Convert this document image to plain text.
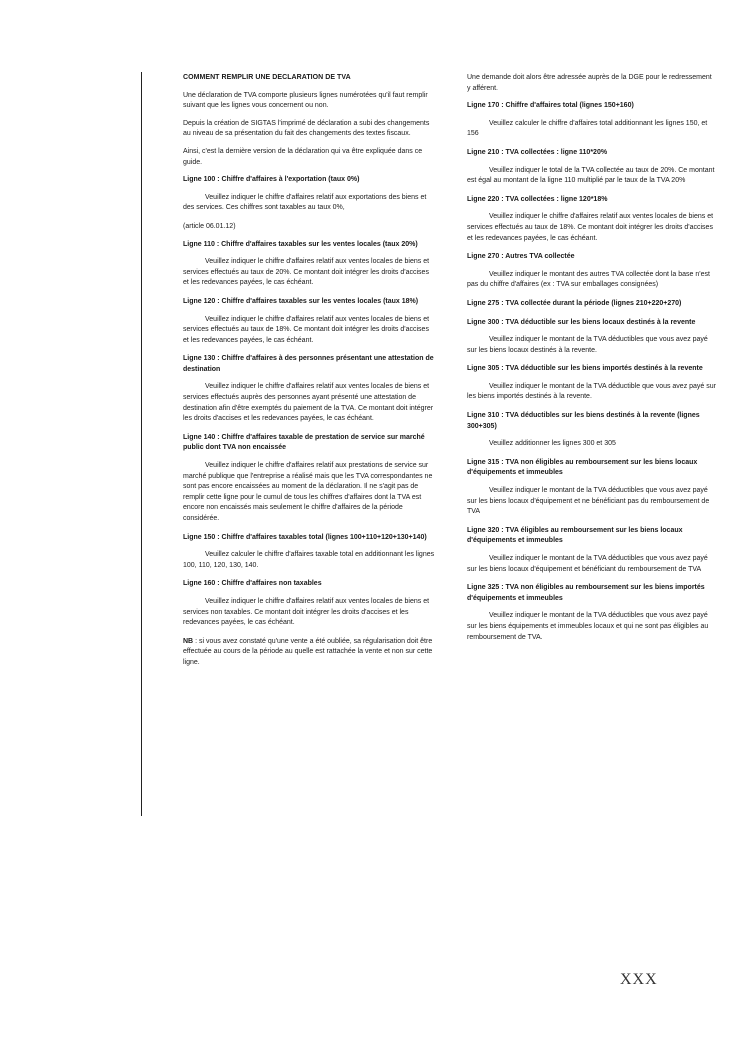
COMMENT REMPLIR UNE DECLARATION DE TVA

Une déclaration de TVA comporte plusieurs lignes numérotées qu'il faut remplir suivant que les lignes vous concernent ou non.

Depuis la création de SIGTAS l'imprimé de déclaration a subi des changements au niveau de sa présentation du fait des changements des textes fiscaux.

Ainsi, c'est la dernière version de la déclaration qui va être expliquée dans ce guide.

Ligne 100 : Chiffre d'affaires à l'exportation (taux 0%)

Veuillez indiquer le chiffre d'affaires relatif aux exportations des biens et des services. Ces chiffres sont taxables au taux 0%,

(article 06.01.12)

Ligne 110 : Chiffre d'affaires taxables sur les ventes locales (taux 20%)

Veuillez indiquer le chiffre d'affaires relatif aux ventes locales de biens et services effectués au taux de 20%. Ce montant doit intégrer les droits d'accises et les redevances payées, le cas échéant.

Ligne 120 : Chiffre d'affaires taxables sur les ventes locales (taux 18%)

Veuillez indiquer le chiffre d'affaires relatif aux ventes locales de biens et services effectués au taux de 18%. Ce montant doit intégrer les droits d'accises et les redevances payées, le cas échéant.

Ligne 130 : Chiffre d'affaires à des personnes présentant une attestation de destination

Veuillez indiquer le chiffre d'affaires relatif aux ventes locales de biens et services effectués auprès des personnes ayant présenté une attestation de destination afin d'être exemptés du paiement de la TVA. Ce montant doit intégrer les droits d'accises et les redevances payées, le cas échéant.

Ligne 140 : Chiffre d'affaires taxable de prestation de service sur marché public dont TVA non encaissée

Veuillez indiquer le chiffre d'affaires relatif aux prestations de service sur marché publique que l'entreprise a réalisé mais que les TVA correspondantes ne sont pas encore encaissées au moment de la déclaration. Il ne s'agit pas de remplir cette ligne pour le cumul de tous les chiffres d'affaires dont la TVA est encore non encaissés mais seulement le chiffre d'affaires de la période considérée.

Ligne 150 : Chiffre d'affaires taxables total (lignes 100+110+120+130+140)

Veuillez calculer le chiffre d'affaires taxable total en additionnant les lignes 100, 110, 120, 130, 140.

Ligne 160 : Chiffre d'affaires non taxables

Veuillez indiquer le chiffre d'affaires relatif aux ventes locales de biens et services non taxables. Ce montant doit intégrer les droits d'accises et les redevances payées, le cas échéant.

NB : si vous avez constaté qu'une vente a été oubliée, sa régularisation doit être effectuée au cours de la période au quelle est rattachée la vente et non sur cette ligne.

Une demande doit alors être adressée auprès de la DGE pour le redressement y afférent.

Ligne 170 : Chiffre d'affaires total (lignes 150+160)

Veuillez calculer le chiffre d'affaires total additionnant les lignes 150, et 156

Ligne 210 : TVA collectées : ligne 110*20%

Veuillez indiquer le total de la TVA collectée au taux de 20%. Ce montant est égal au montant de la ligne 110 multiplié par le taux de la TVA 20%

Ligne 220 : TVA collectées : ligne 120*18%

Veuillez indiquer le chiffre d'affaires relatif aux ventes locales de biens et services effectués au taux de 18%. Ce montant doit intégrer les droits d'accises et les redevances payées, le cas échéant.

Ligne 270 : Autres TVA collectée

Veuillez indiquer le montant des autres TVA collectée dont la base n'est pas du chiffre d'affaires (ex : TVA sur emballages consignées)

Ligne 275 : TVA collectée durant la période (lignes 210+220+270)
Ligne 300 : TVA déductible sur les biens locaux destinés à la revente

Veuillez indiquer le montant de la TVA déductibles que vous avez payé sur les biens locaux destinés à la revente.

Ligne 305 : TVA déductible sur les biens importés destinés à la revente

Veuillez indiquer le montant de la TVA déductible que vous avez payé sur les biens importés destinés à la revente.

Ligne 310 : TVA déductibles sur les biens destinés à la revente (lignes 300+305)

Veuillez additionner les lignes 300 et 305

Ligne 315 : TVA non éligibles au remboursement sur les biens locaux d'équipements et immeubles

Veuillez indiquer le montant de la TVA déductibles que vous avez payé sur les biens locaux d'équipement et ne bénéficiant pas du remboursement de TVA

Ligne 320 : TVA éligibles au remboursement sur les biens locaux d'équipements et immeubles

Veuillez indiquer le montant de la TVA déductibles que vous avez payé sur les biens locaux d'équipement et bénéficiant du remboursement de TVA

Ligne 325 : TVA non éligibles au remboursement sur les biens importés d'équipements et immeubles

Veuillez indiquer le montant de la TVA déductibles que vous avez payé sur les biens équipements et immeubles locaux et qui ne sont pas éligibles au remboursement de TVA.

XXX
